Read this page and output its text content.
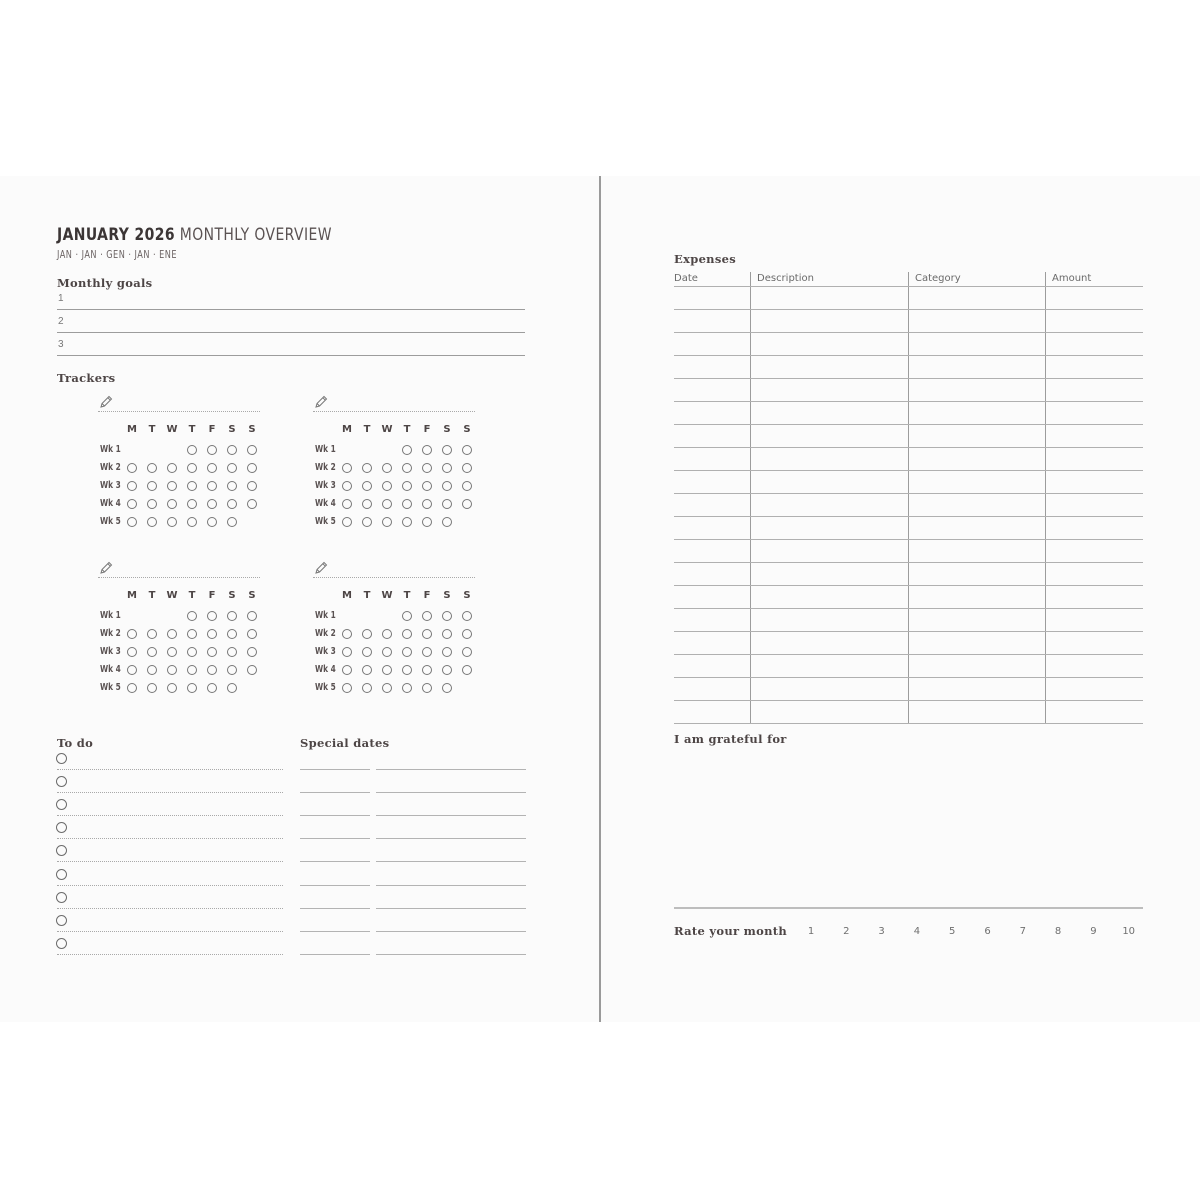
JANUARY 2026 MONTHLY OVERVIEW
JAN · JAN · GEN · JAN · ENE
Monthly goals
1
2
3
Trackers
M	T	W	T	F	S	S
Wk 1
Wk 2
Wk 3
Wk 4
Wk 5
M	T	W	T	F	S	S
Wk 1
Wk 2
Wk 3
Wk 4
Wk 5
M	T	W	T	F	S	S
Wk 1
Wk 2
Wk 3
Wk 4
Wk 5
M	T	W	T	F	S	S
Wk 1
Wk 2
Wk 3
Wk 4
Wk 5
To do	Special dates
Expenses
Date	Description	Category	Amount
I am grateful for
Rate your month	1	2	3	4	5	6	7	8	9	10
